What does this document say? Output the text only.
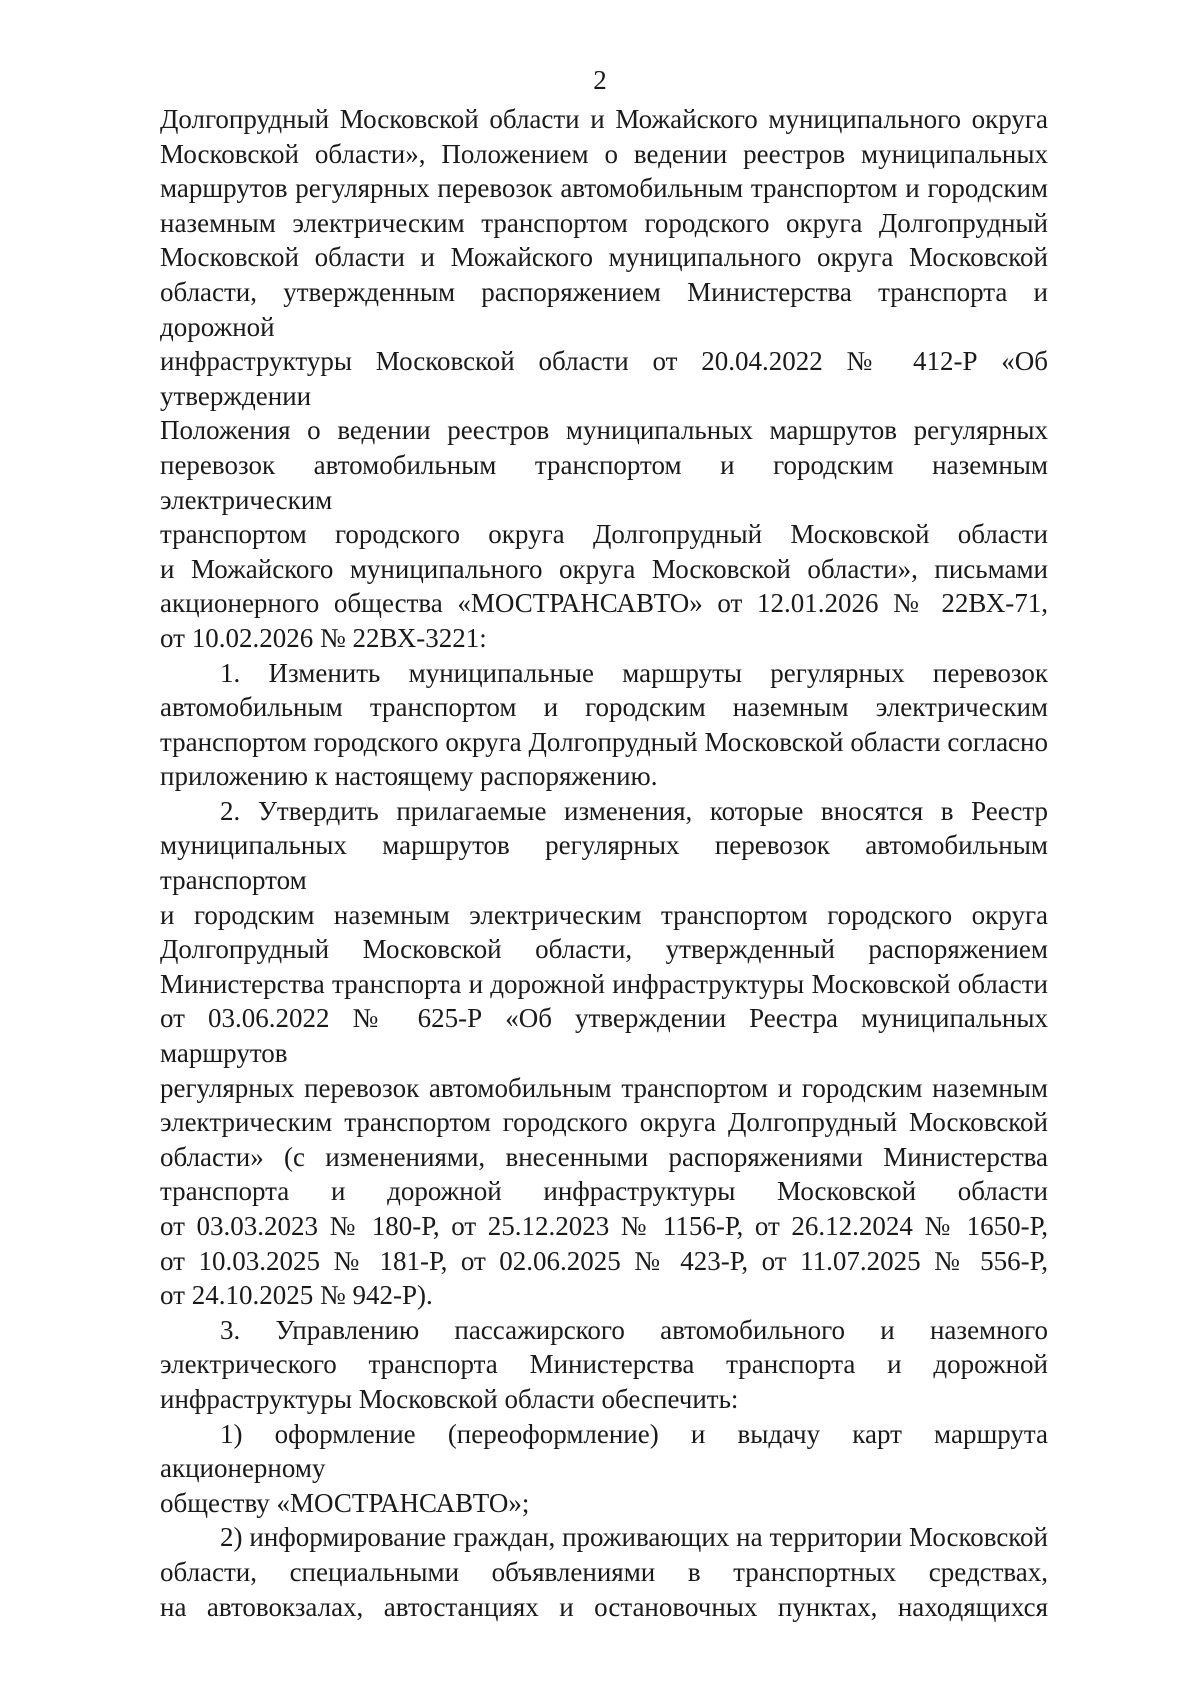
2
Долгопрудный Московской области и Можайского муниципального округа
Московской области», Положением о ведении реестров муниципальных
маршрутов регулярных перевозок автомобильным транспортом и городским
наземным электрическим транспортом городского округа Долгопрудный
Московской области и Можайского муниципального округа Московской
области, утвержденным распоряжением Министерства транспорта и дорожной
инфраструктуры Московской области от 20.04.2022 № 412-Р «Об утверждении
Положения о ведении реестров муниципальных маршрутов регулярных
перевозок автомобильным транспортом и городским наземным электрическим
транспортом городского округа Долгопрудный Московской области
и Можайского муниципального округа Московской области», письмами
акционерного общества «МОСТРАНСАВТО» от 12.01.2026 № 22ВХ-71,
от 10.02.2026 № 22ВХ-3221:
1. Изменить муниципальные маршруты регулярных перевозок
автомобильным транспортом и городским наземным электрическим
транспортом городского округа Долгопрудный Московской области согласно
приложению к настоящему распоряжению.
2. Утвердить прилагаемые изменения, которые вносятся в Реестр
муниципальных маршрутов регулярных перевозок автомобильным транспортом
и городским наземным электрическим транспортом городского округа
Долгопрудный Московской области, утвержденный распоряжением
Министерства транспорта и дорожной инфраструктуры Московской области
от 03.06.2022 № 625-Р «Об утверждении Реестра муниципальных маршрутов
регулярных перевозок автомобильным транспортом и городским наземным
электрическим транспортом городского округа Долгопрудный Московской
области» (с изменениями, внесенными распоряжениями Министерства
транспорта и дорожной инфраструктуры Московской области
от 03.03.2023 № 180-Р, от 25.12.2023 № 1156-Р, от 26.12.2024 № 1650-Р,
от 10.03.2025 № 181-Р, от 02.06.2025 № 423-Р, от 11.07.2025 № 556-Р,
от 24.10.2025 № 942-Р).
3. Управлению пассажирского автомобильного и наземного
электрического транспорта Министерства транспорта и дорожной
инфраструктуры Московской области обеспечить:
1) оформление (переоформление) и выдачу карт маршрута акционерному
обществу «МОСТРАНСАВТО»;
2) информирование граждан, проживающих на территории Московской
области, специальными объявлениями в транспортных средствах,
на автовокзалах, автостанциях и остановочных пунктах, находящихся
